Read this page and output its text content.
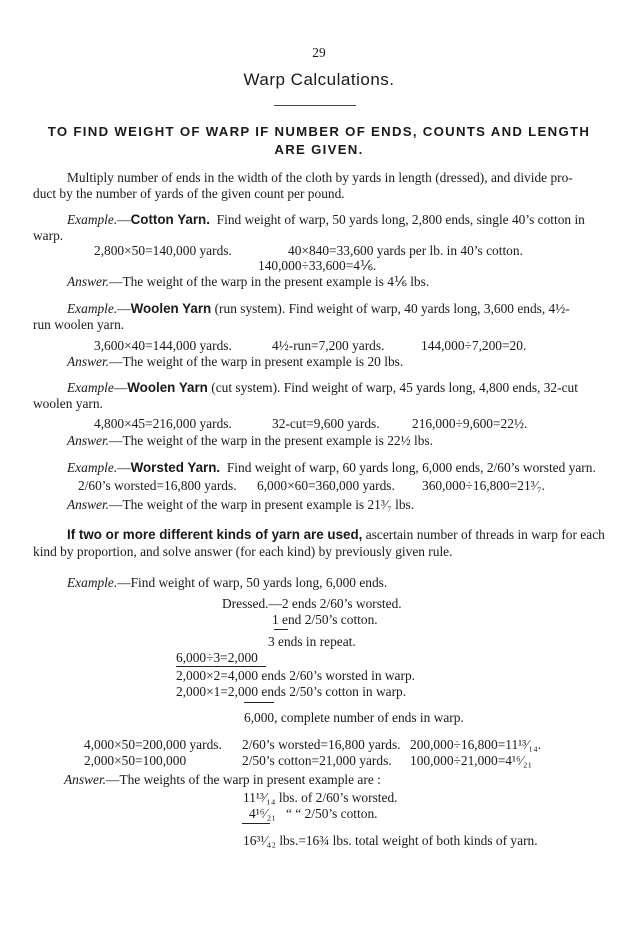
29
Warp Calculations.
TO FIND WEIGHT OF WARP IF NUMBER OF ENDS, COUNTS AND LENGTH
ARE GIVEN.
Multiply number of ends in the width of the cloth by yards in length (dressed), and divide pro-
duct by the number of yards of the given count per pound.
Example.—Cotton Yarn. Find weight of warp, 50 yards long, 2,800 ends, single 40’s cotton in
warp.
2,800×50=140,000 yards.	40×840=33,600 yards per lb. in 40’s cotton.
140,000÷33,600=4⅙.
Answer.—The weight of the warp in the present example is 4⅙ lbs.
Example.—Woolen Yarn (run system). Find weight of warp, 40 yards long, 3,600 ends, 4½-
run woolen yarn.
3,600×40=144,000 yards.	4½-run=7,200 yards.	144,000÷7,200=20.
Answer.—The weight of the warp in present example is 20 lbs.
Example—Woolen Yarn (cut system). Find weight of warp, 45 yards long, 4,800 ends, 32-cut
woolen yarn.
4,800×45=216,000 yards.	32-cut=9,600 yards. 216,000÷9,600=22½.
Answer.—The weight of the warp in the present example is 22½ lbs.
Example.—Worsted Yarn. Find weight of warp, 60 yards long, 6,000 ends, 2/60’s worsted yarn.
2/60’s worsted=16,800 yards. 6,000×60=360,000 yards. 360,000÷16,800=21³⁄₇.
Answer.—The weight of the warp in present example is 21³⁄₇ lbs.
If two or more different kinds of yarn are used, ascertain number of threads in warp for each
kind by proportion, and solve answer (for each kind) by previously given rule.
Example.—Find weight of warp, 50 yards long, 6,000 ends.
Dressed.—2 ends 2/60’s worsted.
1 end 2/50’s cotton.
3 ends in repeat.
6,000÷3=2,000
2,000×2=4,000 ends 2/60’s worsted in warp.
2,000×1=2,000 ends 2/50’s cotton in warp.
6,000, complete number of ends in warp.
4,000×50=200,000 yards. 2/60’s worsted=16,800 yards. 200,000÷16,800=11¹³⁄₁₄.
2,000×50=100,000	2/50’s cotton=21,000 yards. 100,000÷21,000=4¹⁶⁄₂₁
Answer.—The weights of the warp in present example are :
11¹³⁄₁₄ lbs. of 2/60’s worsted.
4¹⁶⁄₂₁ “ “ 2/50’s cotton.
16³¹⁄₄₂ lbs.=16¾ lbs. total weight of both kinds of yarn.
